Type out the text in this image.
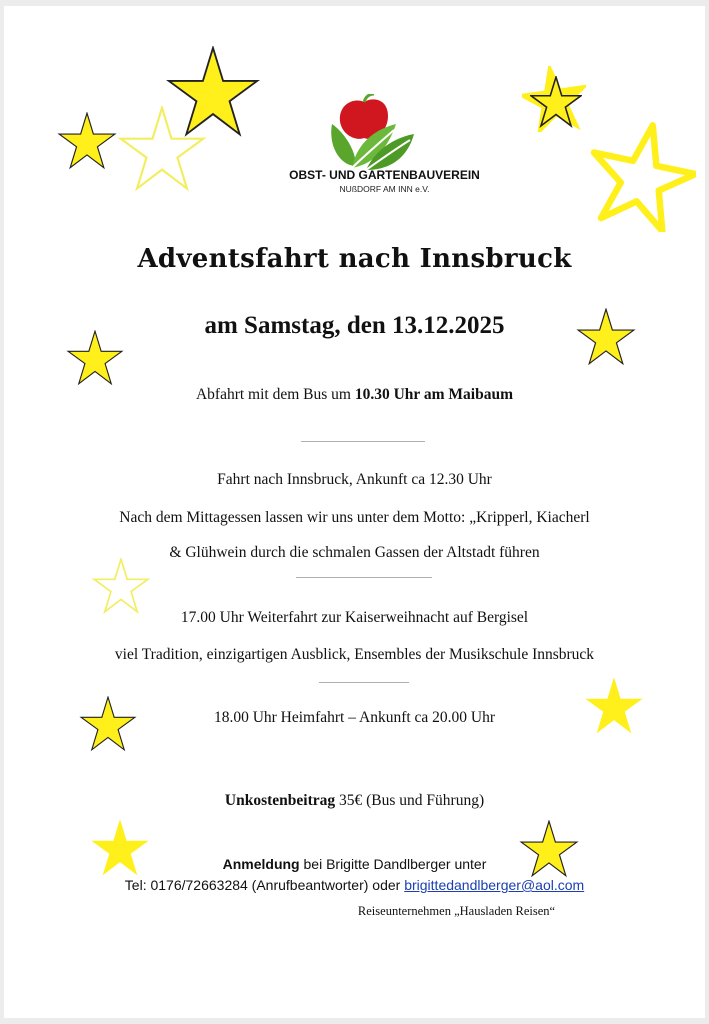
OBST- UND GARTENBAUVEREIN
NUßDORF AM INN e.V.
Adventsfahrt nach Innsbruck
am Samstag, den 13.12.2025
Abfahrt mit dem Bus um 10.30 Uhr am Maibaum
Fahrt nach Innsbruck, Ankunft ca 12.30 Uhr
Nach dem Mittagessen lassen wir uns unter dem Motto: „Kripperl, Kiacherl
& Glühwein durch die schmalen Gassen der Altstadt führen
17.00 Uhr Weiterfahrt zur Kaiserweihnacht auf Bergisel
viel Tradition, einzigartigen Ausblick, Ensembles der Musikschule Innsbruck
18.00 Uhr Heimfahrt – Ankunft ca 20.00 Uhr
Unkostenbeitrag 35€ (Bus und Führung)
Anmeldung bei Brigitte Dandlberger unter
Tel: 0176/72663284 (Anrufbeantworter) oder brigittedandlberger@aol.com
Reiseunternehmen „Hausladen Reisen“
